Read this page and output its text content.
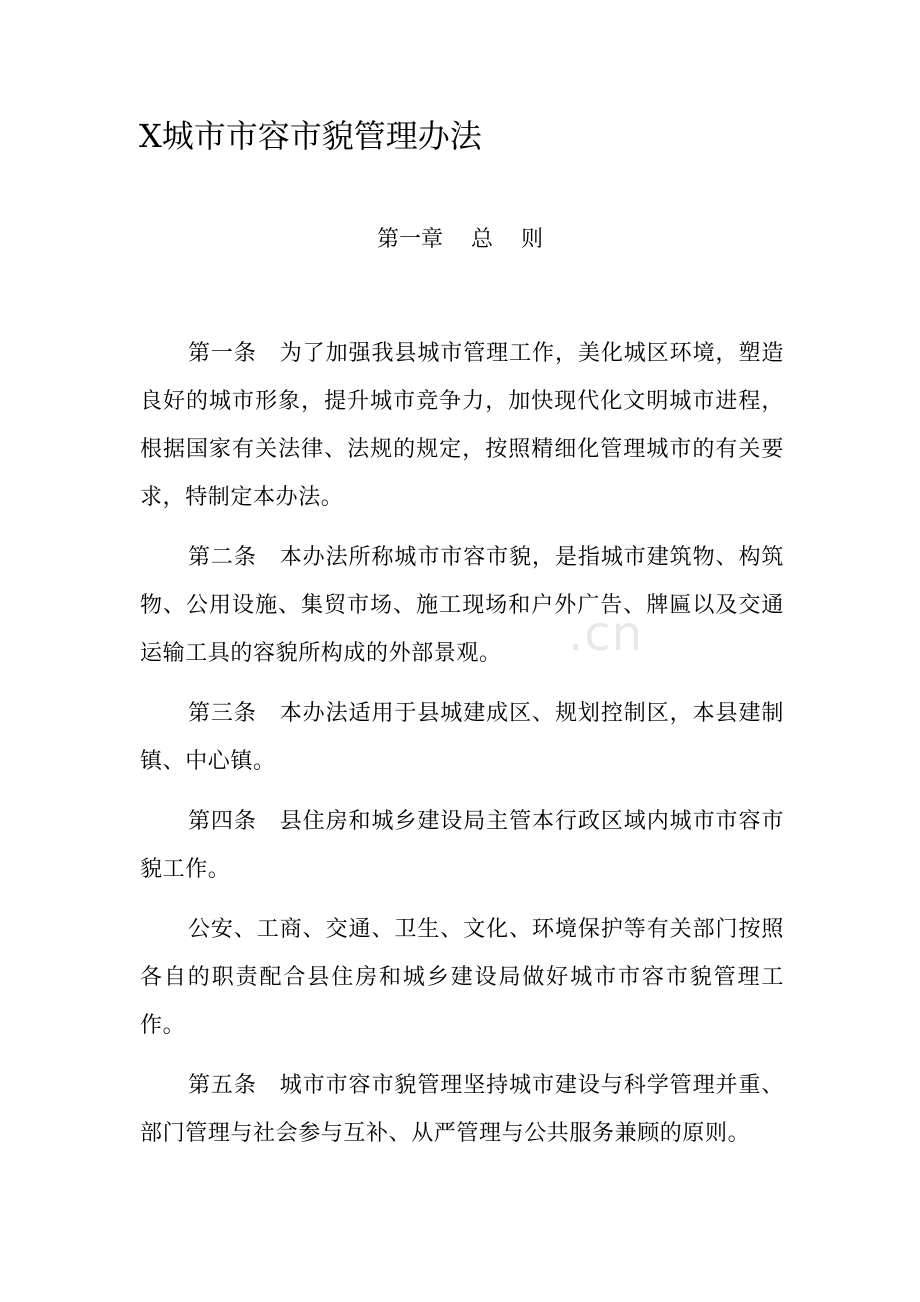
X城市市容市貌管理办法
第一章    总    则

第一条　 为了加强我县城市管理工作，美化城区环境，塑造良好的城市形象，提升城市竞争力，加快现代化文明城市进程，根据国家有关法律、法规的规定，按照精细化管理城市的有关要求，特制定本办法。

第二条　 本办法所称城市市容市貌，是指城市建筑物、构筑物、公用设施、集贸市场、施工现场和户外广告、牌匾以及交通运输工具的容貌所构成的外部景观。

第三条　 本办法适用于县城建成区、规划控制区，本县建制镇、中心镇。

第四条　 县住房和城乡建设局主管本行政区域内城市市容市貌工作。

公安、工商、交通、卫生、文化、环境保护等有关部门按照各自的职责配合县住房和城乡建设局做好城市市容市貌管理工作。

第五条　 城市市容市貌管理坚持城市建设与科学管理并重、部门管理与社会参与互补、从严管理与公共服务兼顾的原则。

.cn
